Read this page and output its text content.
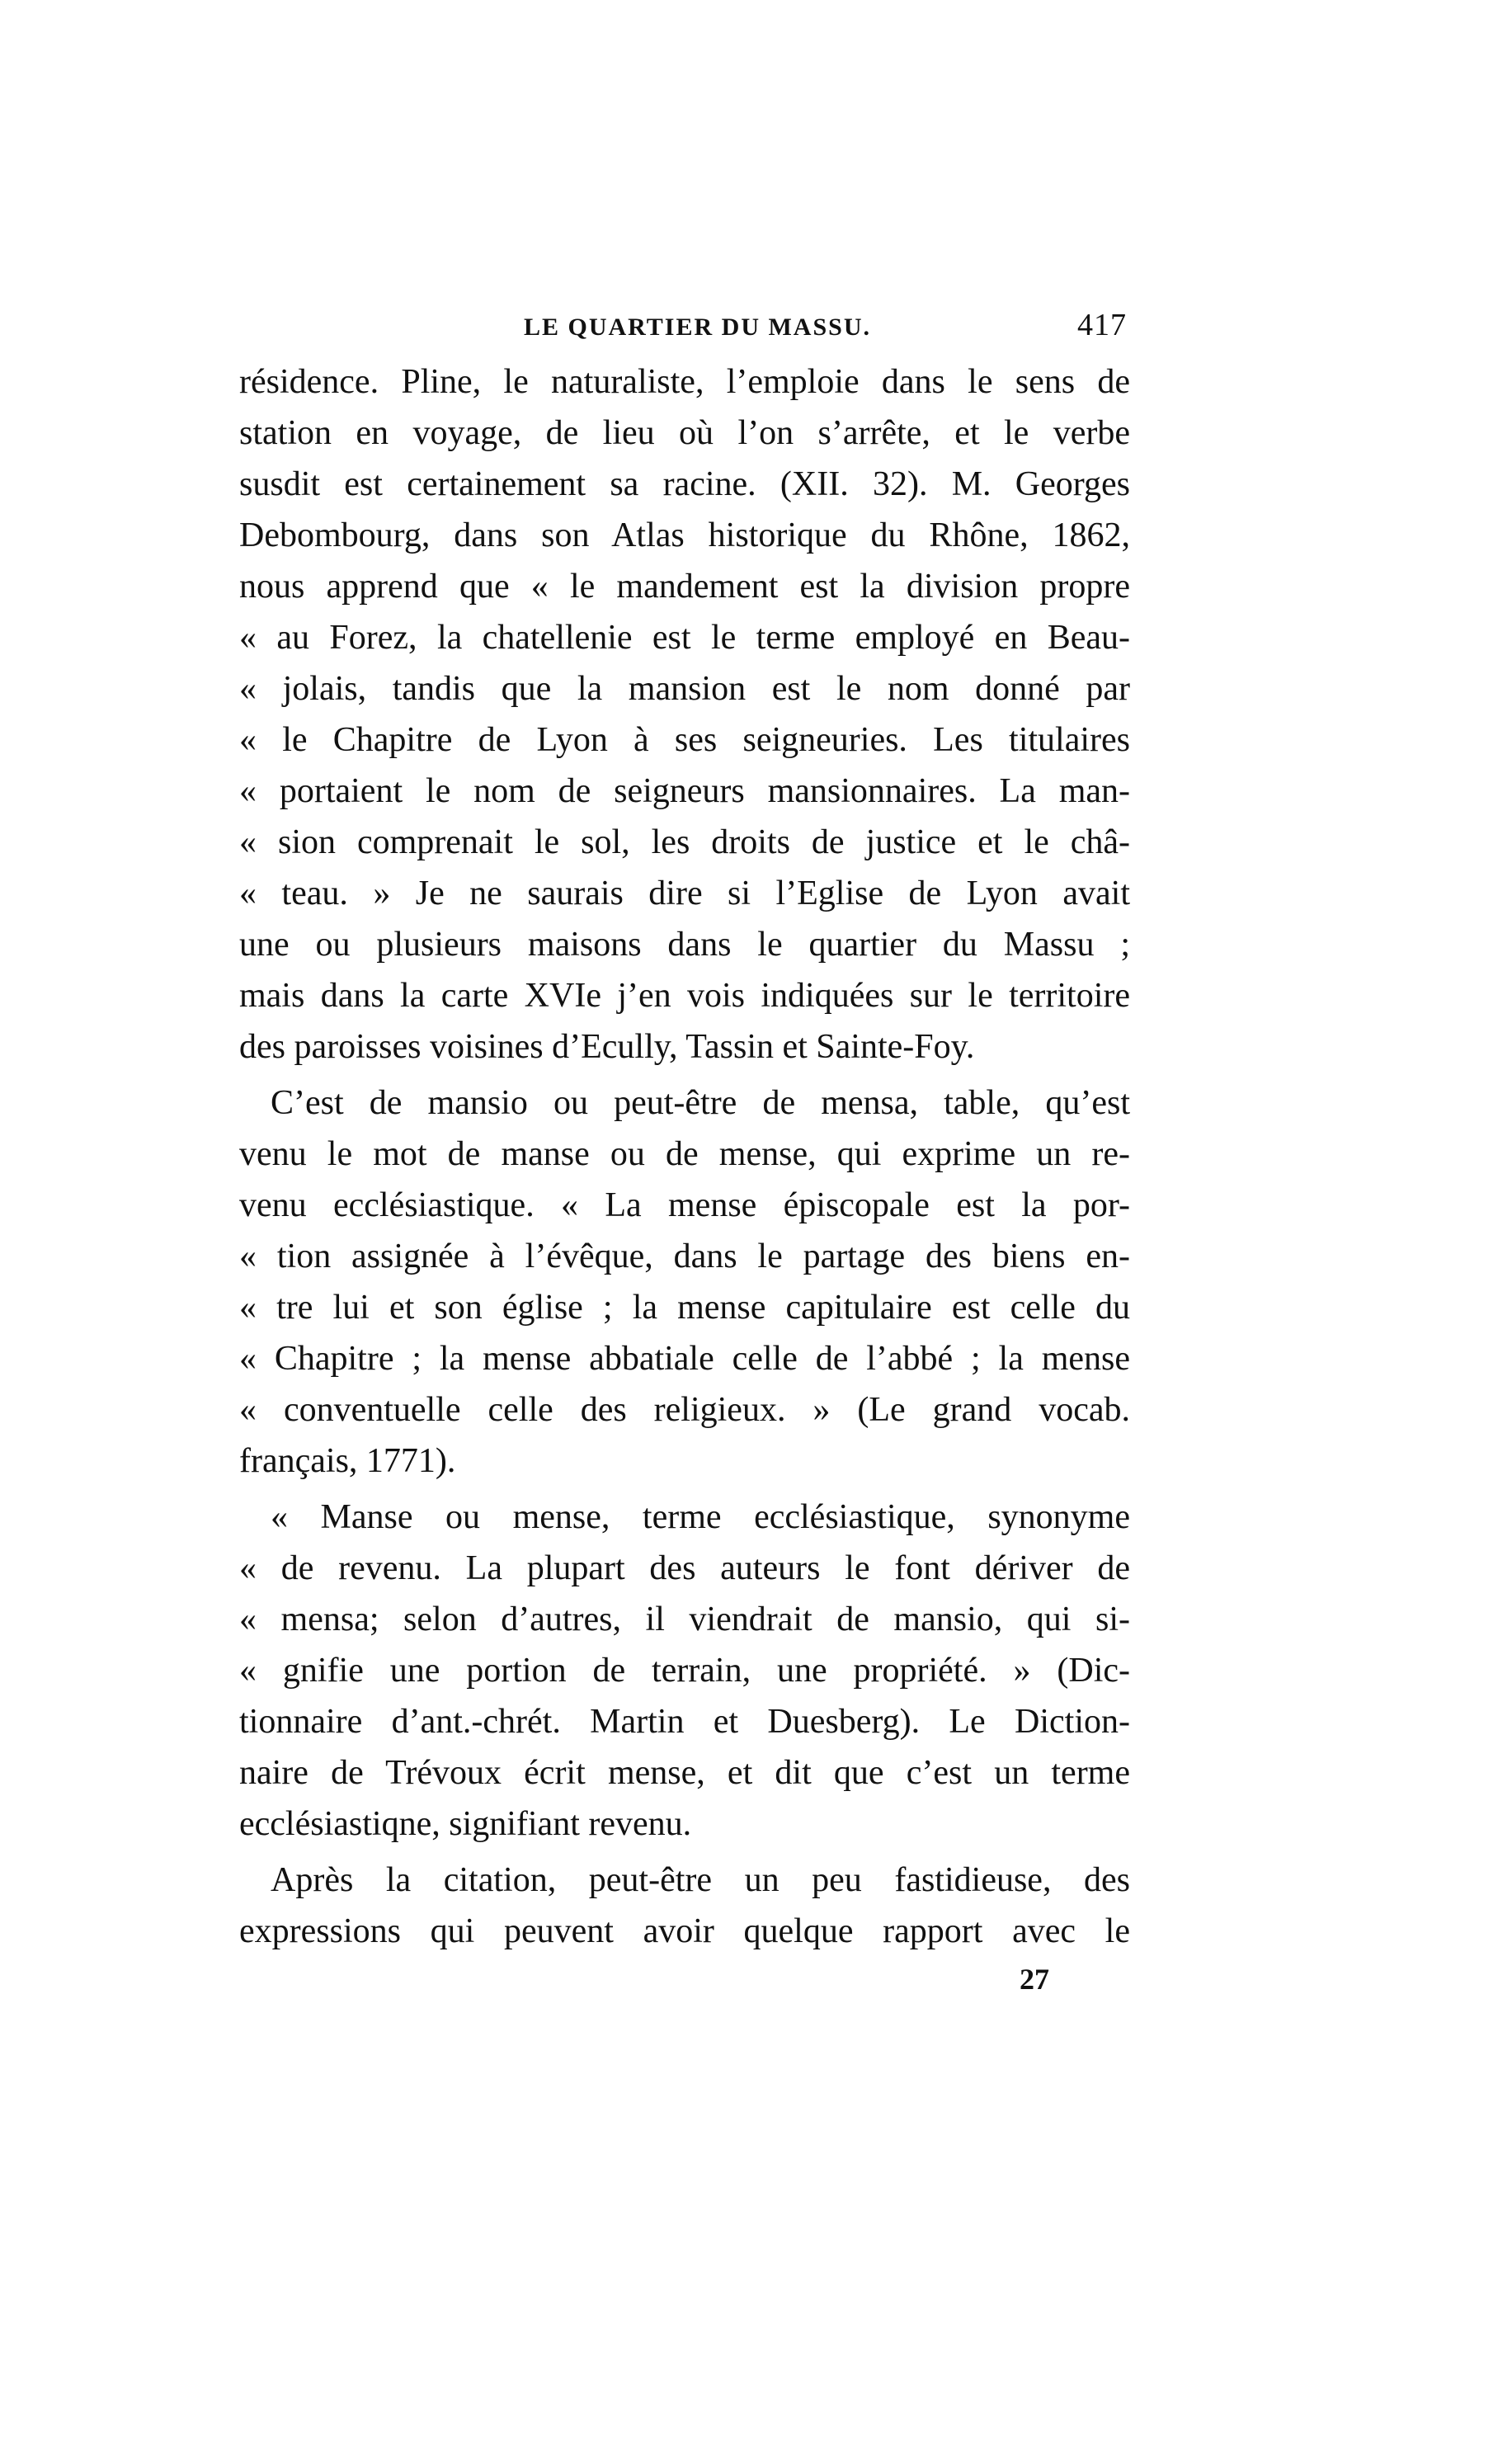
LE QUARTIER DU MASSU.	417
résidence. Pline, le naturaliste, l’emploie dans le sens de
station en voyage, de lieu où l’on s’arrête, et le verbe
susdit est certainement sa racine. (XII. 32). M. Georges
Debombourg, dans son Atlas historique du Rhône, 1862,
nous apprend que « le mandement est la division propre
« au Forez, la chatellenie est le terme employé en Beau-
« jolais, tandis que la mansion est le nom donné par
« le Chapitre de Lyon à ses seigneuries. Les titulaires
« portaient le nom de seigneurs mansionnaires. La man-
« sion comprenait le sol, les droits de justice et le châ-
« teau. » Je ne saurais dire si l’Eglise de Lyon avait
une ou plusieurs maisons dans le quartier du Massu ;
mais dans la carte XVIe j’en vois indiquées sur le territoire
des paroisses voisines d’Ecully, Tassin et Sainte-Foy.
C’est de mansio ou peut-être de mensa, table, qu’est
venu le mot de manse ou de mense, qui exprime un re-
venu ecclésiastique. « La mense épiscopale est la por-
« tion assignée à l’évêque, dans le partage des biens en-
« tre lui et son église ; la mense capitulaire est celle du
« Chapitre ; la mense abbatiale celle de l’abbé ; la mense
« conventuelle celle des religieux. » (Le grand vocab.
français, 1771).
« Manse ou mense, terme ecclésiastique, synonyme
« de revenu. La plupart des auteurs le font dériver de
« mensa; selon d’autres, il viendrait de mansio, qui si-
« gnifie une portion de terrain, une propriété. » (Dic-
tionnaire d’ant.-chrét. Martin et Duesberg). Le Diction-
naire de Trévoux écrit mense, et dit que c’est un terme
ecclésiastiqne, signifiant revenu.
Après la citation, peut-être un peu fastidieuse, des
expressions qui peuvent avoir quelque rapport avec le
27
